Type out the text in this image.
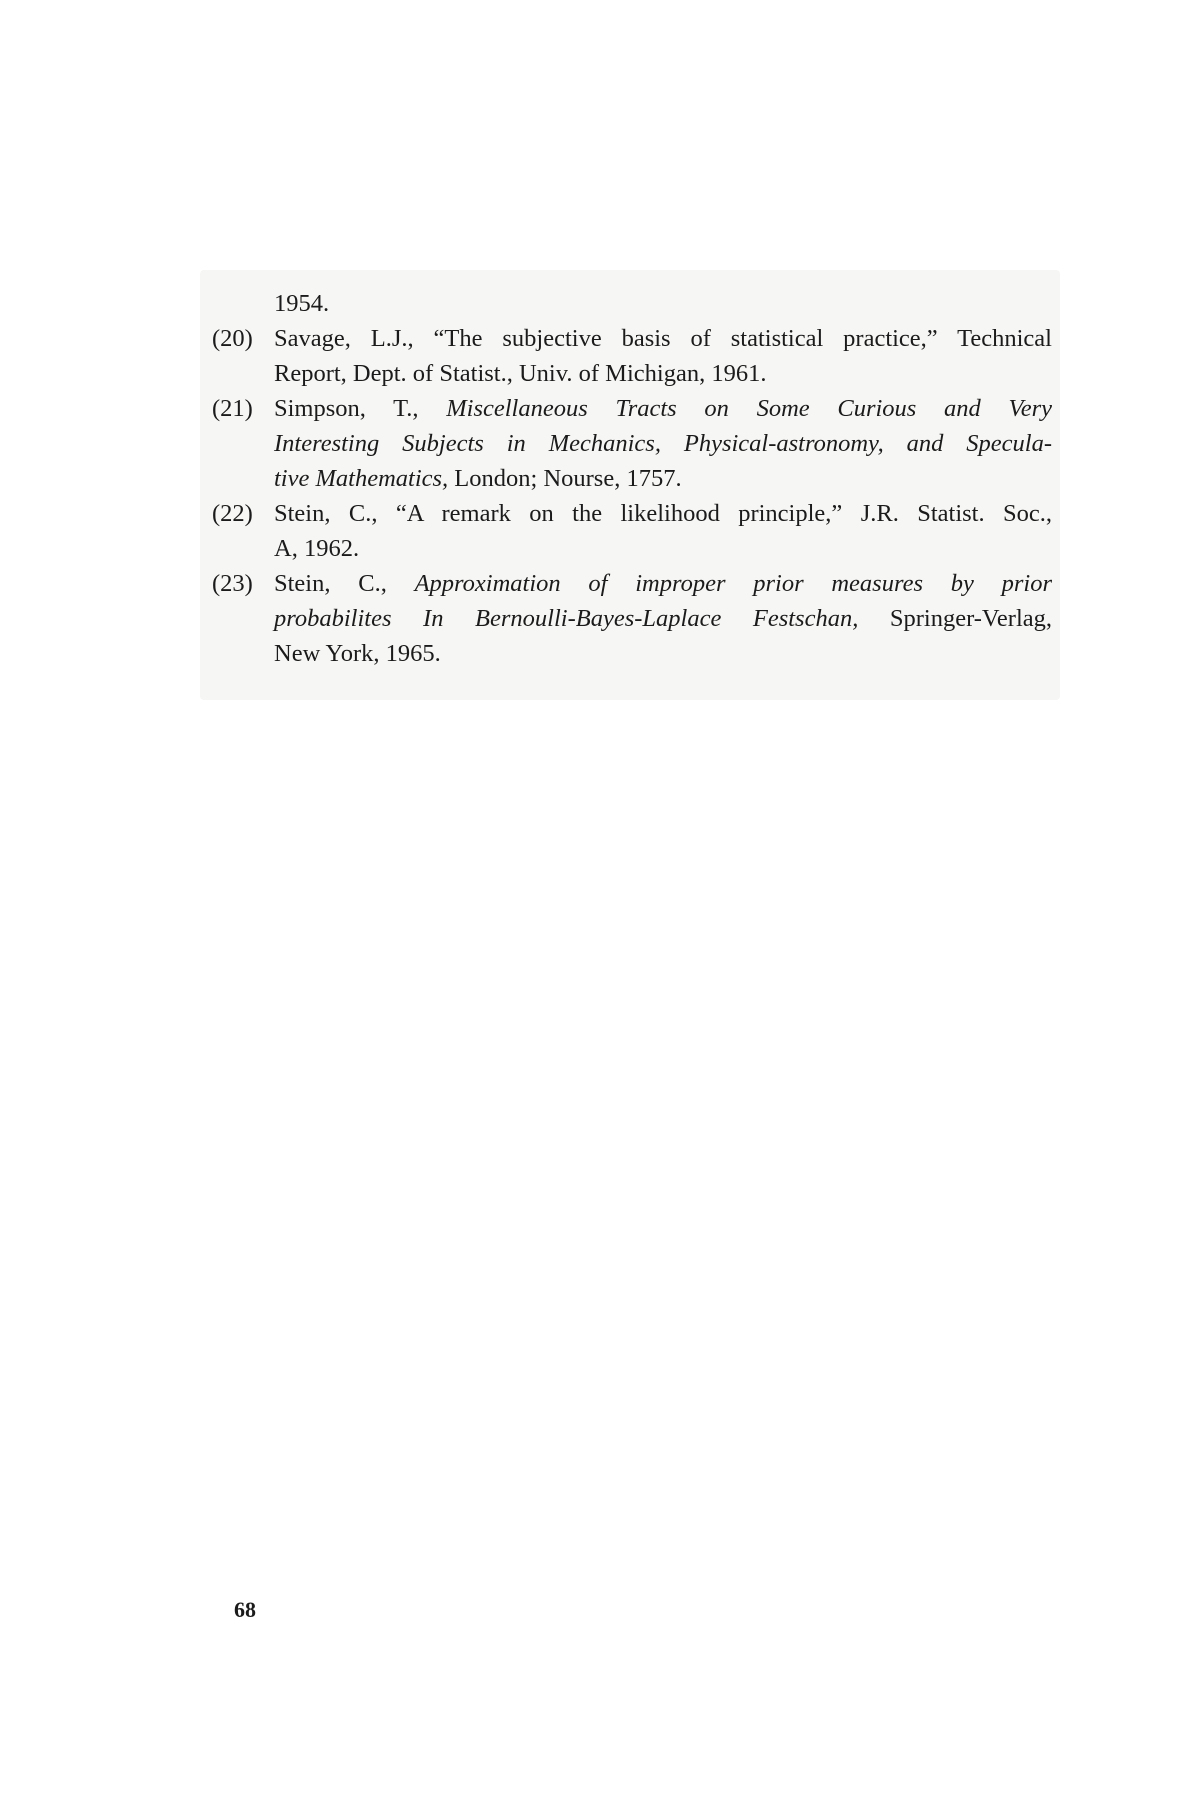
1954.
(20) Savage, L.J., “The subjective basis of statistical practice,” Technical
Report, Dept. of Statist., Univ. of Michigan, 1961.
(21) Simpson, T., Miscellaneous Tracts on Some Curious and Very
Interesting Subjects in Mechanics, Physical-astronomy, and Specula-
tive Mathematics, London; Nourse, 1757.
(22) Stein, C., “A remark on the likelihood principle,” J.R. Statist. Soc.,
A, 1962.
(23) Stein, C., Approximation of improper prior measures by prior
probabilites In Bernoulli-Bayes-Laplace Festschan, Springer-Verlag,
New York, 1965.
68
